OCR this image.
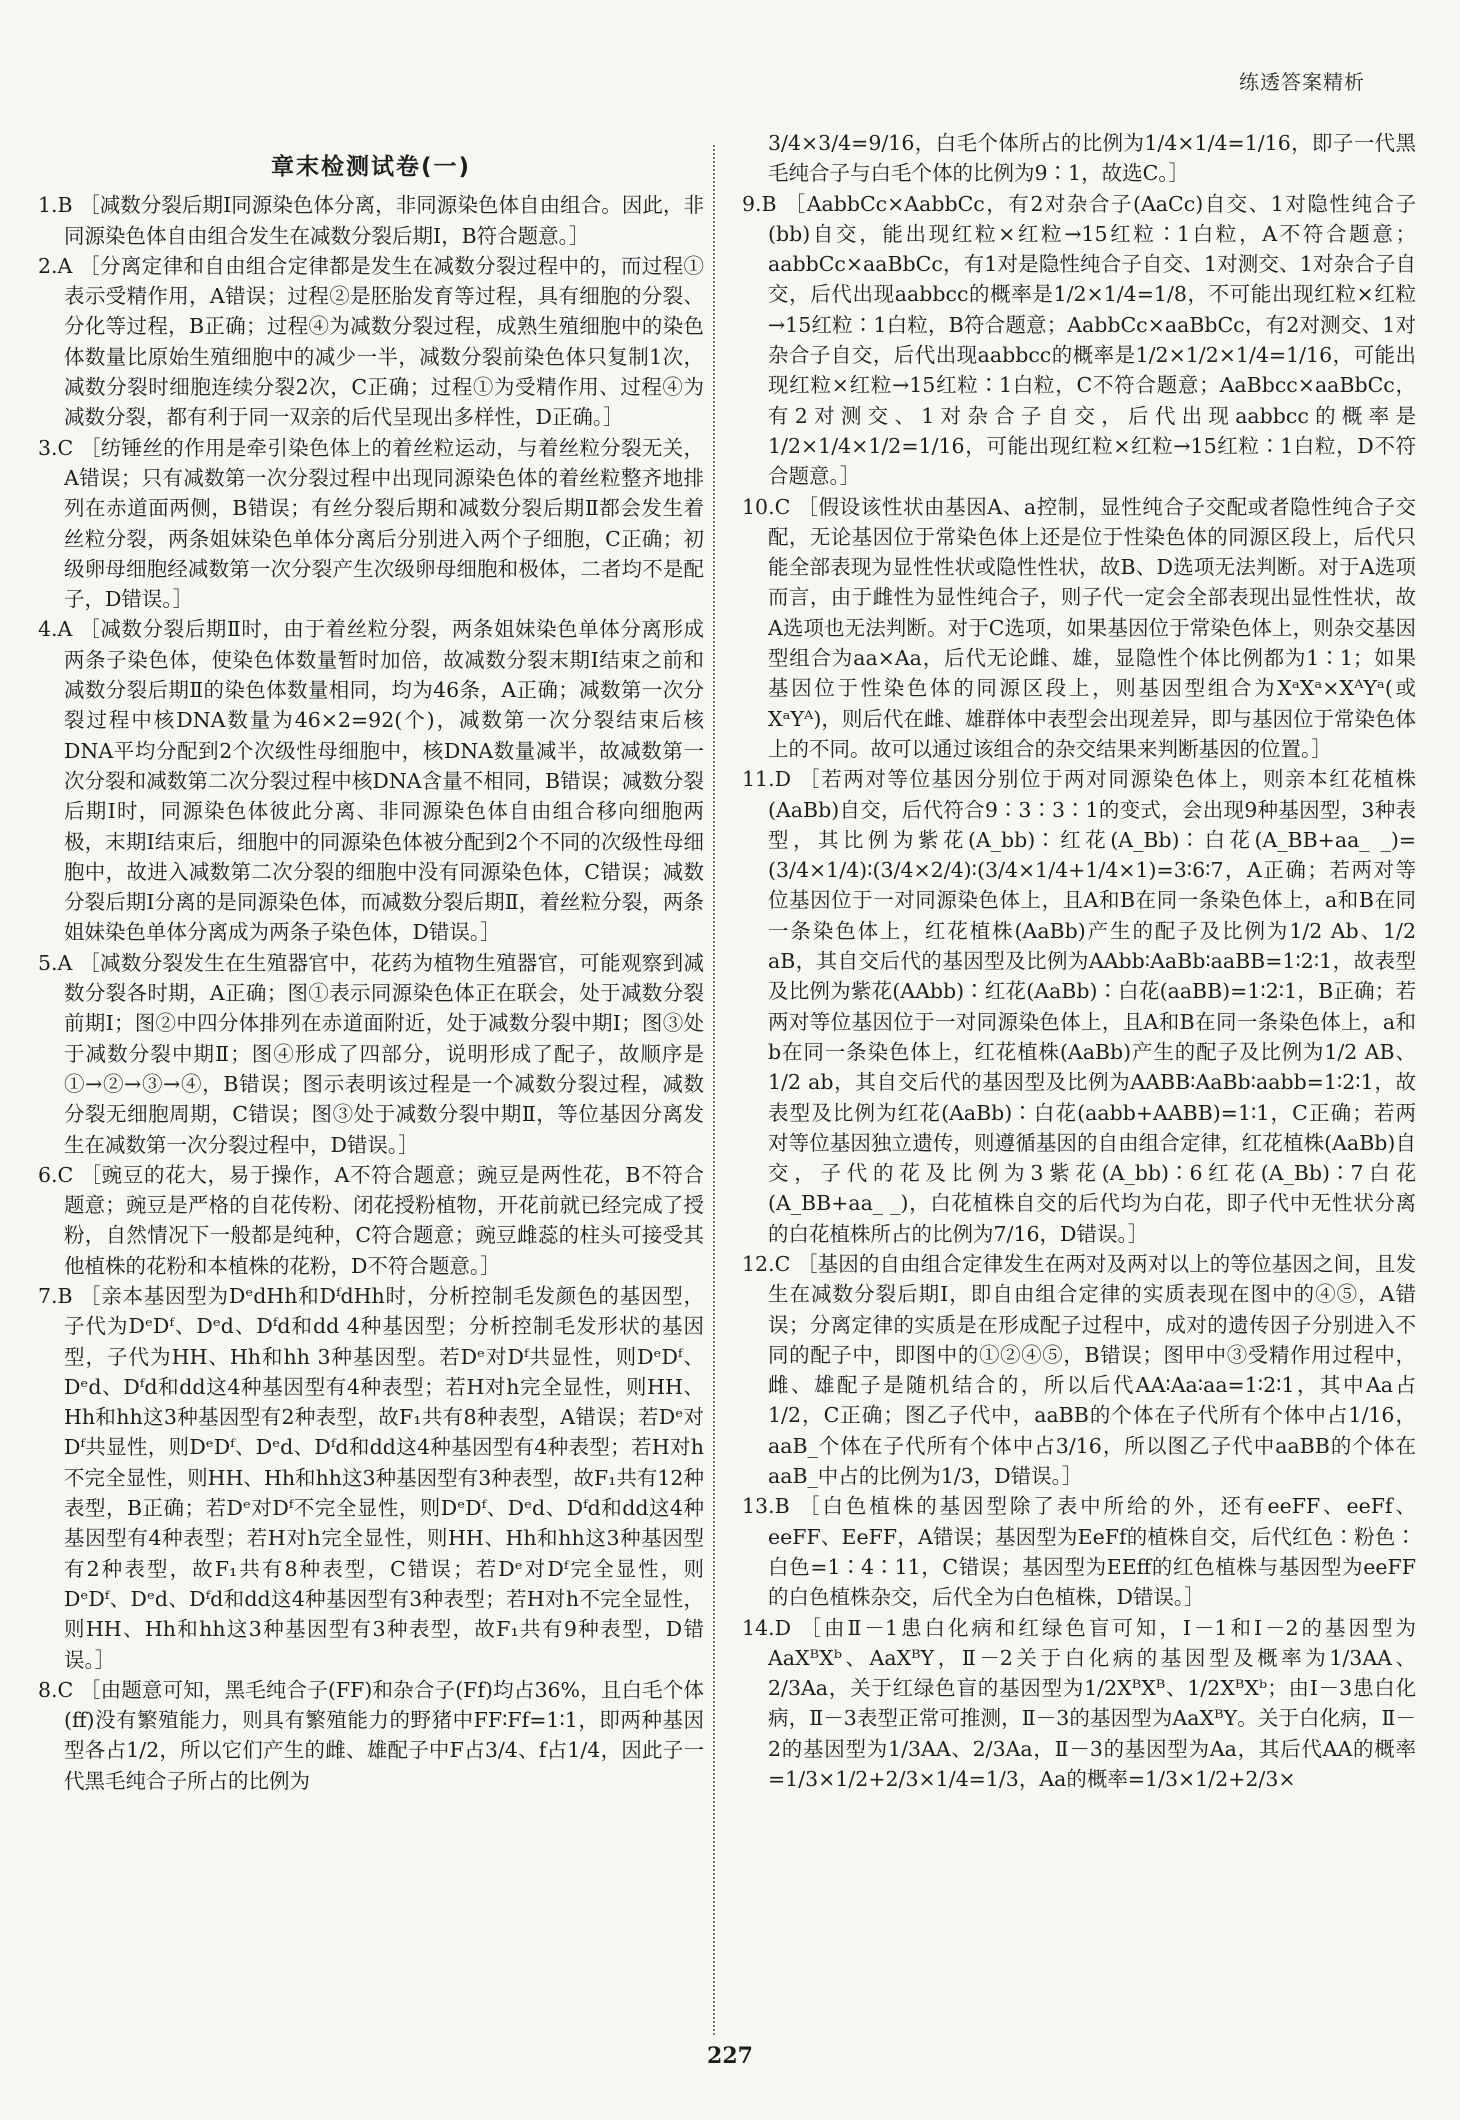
练透答案精析
章末检测试卷(一)

1.B ［减数分裂后期Ⅰ同源染色体分离，非同源染色体自由组合。因此，非同源染色体自由组合发生在减数分裂后期Ⅰ，B符合题意。］

2.A ［分离定律和自由组合定律都是发生在减数分裂过程中的，而过程①表示受精作用，A错误；过程②是胚胎发育等过程，具有细胞的分裂、分化等过程，B正确；过程④为减数分裂过程，成熟生殖细胞中的染色体数量比原始生殖细胞中的减少一半，减数分裂前染色体只复制1次，减数分裂时细胞连续分裂2次，C正确；过程①为受精作用、过程④为减数分裂，都有利于同一双亲的后代呈现出多样性，D正确。］

3.C ［纺锤丝的作用是牵引染色体上的着丝粒运动，与着丝粒分裂无关，A错误；只有减数第一次分裂过程中出现同源染色体的着丝粒整齐地排列在赤道面两侧，B错误；有丝分裂后期和减数分裂后期Ⅱ都会发生着丝粒分裂，两条姐妹染色单体分离后分别进入两个子细胞，C正确；初级卵母细胞经减数第一次分裂产生次级卵母细胞和极体，二者均不是配子，D错误。］

4.A ［减数分裂后期Ⅱ时，由于着丝粒分裂，两条姐妹染色单体分离形成两条子染色体，使染色体数量暂时加倍，故减数分裂末期Ⅰ结束之前和减数分裂后期Ⅱ的染色体数量相同，均为46条，A正确；减数第一次分裂过程中核DNA数量为46×2=92(个)，减数第一次分裂结束后核DNA平均分配到2个次级性母细胞中，核DNA数量减半，故减数第一次分裂和减数第二次分裂过程中核DNA含量不相同，B错误；减数分裂后期Ⅰ时，同源染色体彼此分离、非同源染色体自由组合移向细胞两极，末期Ⅰ结束后，细胞中的同源染色体被分配到2个不同的次级性母细胞中，故进入减数第二次分裂的细胞中没有同源染色体，C错误；减数分裂后期Ⅰ分离的是同源染色体，而减数分裂后期Ⅱ，着丝粒分裂，两条姐妹染色单体分离成为两条子染色体，D错误。］

5.A ［减数分裂发生在生殖器官中，花药为植物生殖器官，可能观察到减数分裂各时期，A正确；图①表示同源染色体正在联会，处于减数分裂前期Ⅰ；图②中四分体排列在赤道面附近，处于减数分裂中期Ⅰ；图③处于减数分裂中期Ⅱ；图④形成了四部分，说明形成了配子，故顺序是①→②→③→④，B错误；图示表明该过程是一个减数分裂过程，减数分裂无细胞周期，C错误；图③处于减数分裂中期Ⅱ，等位基因分离发生在减数第一次分裂过程中，D错误。］

6.C ［豌豆的花大，易于操作，A不符合题意；豌豆是两性花，B不符合题意；豌豆是严格的自花传粉、闭花授粉植物，开花前就已经完成了授粉，自然情况下一般都是纯种，C符合题意；豌豆雌蕊的柱头可接受其他植株的花粉和本植株的花粉，D不符合题意。］

7.B ［亲本基因型为DᵉdHh和DᶠdHh时，分析控制毛发颜色的基因型，子代为DᵉDᶠ、Dᵉd、Dᶠd和dd 4种基因型；分析控制毛发形状的基因型，子代为HH、Hh和hh 3种基因型。若Dᵉ对Dᶠ共显性，则DᵉDᶠ、Dᵉd、Dᶠd和dd这4种基因型有4种表型；若H对h完全显性，则HH、Hh和hh这3种基因型有2种表型，故F₁共有8种表型，A错误；若Dᵉ对Dᶠ共显性，则DᵉDᶠ、Dᵉd、Dᶠd和dd这4种基因型有4种表型；若H对h不完全显性，则HH、Hh和hh这3种基因型有3种表型，故F₁共有12种表型，B正确；若Dᵉ对Dᶠ不完全显性，则DᵉDᶠ、Dᵉd、Dᶠd和dd这4种基因型有4种表型；若H对h完全显性，则HH、Hh和hh这3种基因型有2种表型，故F₁共有8种表型，C错误；若Dᵉ对Dᶠ完全显性，则DᵉDᶠ、Dᵉd、Dᶠd和dd这4种基因型有3种表型；若H对h不完全显性，则HH、Hh和hh这3种基因型有3种表型，故F₁共有9种表型，D错误。］

8.C ［由题意可知，黑毛纯合子(FF)和杂合子(Ff)均占36%，且白毛个体(ff)没有繁殖能力，则具有繁殖能力的野猪中FF∶Ff=1∶1，即两种基因型各占1/2，所以它们产生的雌、雄配子中F占3/4、f占1/4，因此子一代黑毛纯合子所占的比例为

3/4×3/4=9/16，白毛个体所占的比例为1/4×1/4=1/16，即子一代黑毛纯合子与白毛个体的比例为9∶1，故选C。］

9.B ［AabbCc×AabbCc，有2对杂合子(AaCc)自交、1对隐性纯合子(bb)自交，能出现红粒×红粒→15红粒∶1白粒，A不符合题意；aabbCc×aaBbCc，有1对是隐性纯合子自交、1对测交、1对杂合子自交，后代出现aabbcc的概率是1/2×1/4=1/8，不可能出现红粒×红粒→15红粒∶1白粒，B符合题意；AabbCc×aaBbCc，有2对测交、1对杂合子自交，后代出现aabbcc的概率是1/2×1/2×1/4=1/16，可能出现红粒×红粒→15红粒∶1白粒，C不符合题意；AaBbcc×aaBbCc，有2对测交、1对杂合子自交，后代出现aabbcc的概率是1/2×1/4×1/2=1/16，可能出现红粒×红粒→15红粒∶1白粒，D不符合题意。］

10.C ［假设该性状由基因A、a控制，显性纯合子交配或者隐性纯合子交配，无论基因位于常染色体上还是位于性染色体的同源区段上，后代只能全部表现为显性性状或隐性性状，故B、D选项无法判断。对于A选项而言，由于雌性为显性纯合子，则子代一定会全部表现出显性性状，故A选项也无法判断。对于C选项，如果基因位于常染色体上，则杂交基因型组合为aa×Aa，后代无论雌、雄，显隐性个体比例都为1∶1；如果基因位于性染色体的同源区段上，则基因型组合为XᵃXᵃ×XᴬYᵃ(或XᵃYᴬ)，则后代在雌、雄群体中表型会出现差异，即与基因位于常染色体上的不同。故可以通过该组合的杂交结果来判断基因的位置。］

11.D ［若两对等位基因分别位于两对同源染色体上，则亲本红花植株(AaBb)自交，后代符合9∶3∶3∶1的变式，会出现9种基因型，3种表型，其比例为紫花(A_bb)∶红花(A_Bb)∶白花(A_BB+aa_ _)=(3/4×1/4)∶(3/4×2/4)∶(3/4×1/4+1/4×1)=3∶6∶7，A正确；若两对等位基因位于一对同源染色体上，且A和B在同一条染色体上，a和B在同一条染色体上，红花植株(AaBb)产生的配子及比例为1/2 Ab、1/2 aB，其自交后代的基因型及比例为AAbb∶AaBb∶aaBB=1∶2∶1，故表型及比例为紫花(AAbb)∶红花(AaBb)∶白花(aaBB)=1∶2∶1，B正确；若两对等位基因位于一对同源染色体上，且A和B在同一条染色体上，a和b在同一条染色体上，红花植株(AaBb)产生的配子及比例为1/2 AB、1/2 ab，其自交后代的基因型及比例为AABB∶AaBb∶aabb=1∶2∶1，故表型及比例为红花(AaBb)∶白花(aabb+AABB)=1∶1，C正确；若两对等位基因独立遗传，则遵循基因的自由组合定律，红花植株(AaBb)自交，子代的花及比例为3紫花(A_bb)∶6红花(A_Bb)∶7白花(A_BB+aa_ _)，白花植株自交的后代均为白花，即子代中无性状分离的白花植株所占的比例为7/16，D错误。］

12.C ［基因的自由组合定律发生在两对及两对以上的等位基因之间，且发生在减数分裂后期Ⅰ，即自由组合定律的实质表现在图中的④⑤，A错误；分离定律的实质是在形成配子过程中，成对的遗传因子分别进入不同的配子中，即图中的①②④⑤，B错误；图甲中③受精作用过程中，雌、雄配子是随机结合的，所以后代AA∶Aa∶aa=1∶2∶1，其中Aa占1/2，C正确；图乙子代中，aaBB的个体在子代所有个体中占1/16，aaB_个体在子代所有个体中占3/16，所以图乙子代中aaBB的个体在aaB_中占的比例为1/3，D错误。］

13.B ［白色植株的基因型除了表中所给的外，还有eeFF、eeFf、eeFF、EeFF，A错误；基因型为EeFf的植株自交，后代红色∶粉色∶白色=1∶4∶11，C错误；基因型为EEff的红色植株与基因型为eeFF的白色植株杂交，后代全为白色植株，D错误。］

14.D ［由Ⅱ－1患白化病和红绿色盲可知，Ⅰ－1和Ⅰ－2的基因型为AaXᴮXᵇ、AaXᴮY，Ⅱ－2关于白化病的基因型及概率为1/3AA、2/3Aa，关于红绿色盲的基因型为1/2XᴮXᴮ、1/2XᴮXᵇ；由Ⅰ－3患白化病，Ⅱ－3表型正常可推测，Ⅱ－3的基因型为AaXᴮY。关于白化病，Ⅱ－2的基因型为1/3AA、2/3Aa，Ⅱ－3的基因型为Aa，其后代AA的概率=1/3×1/2+2/3×1/4=1/3，Aa的概率=1/3×1/2+2/3×

227
